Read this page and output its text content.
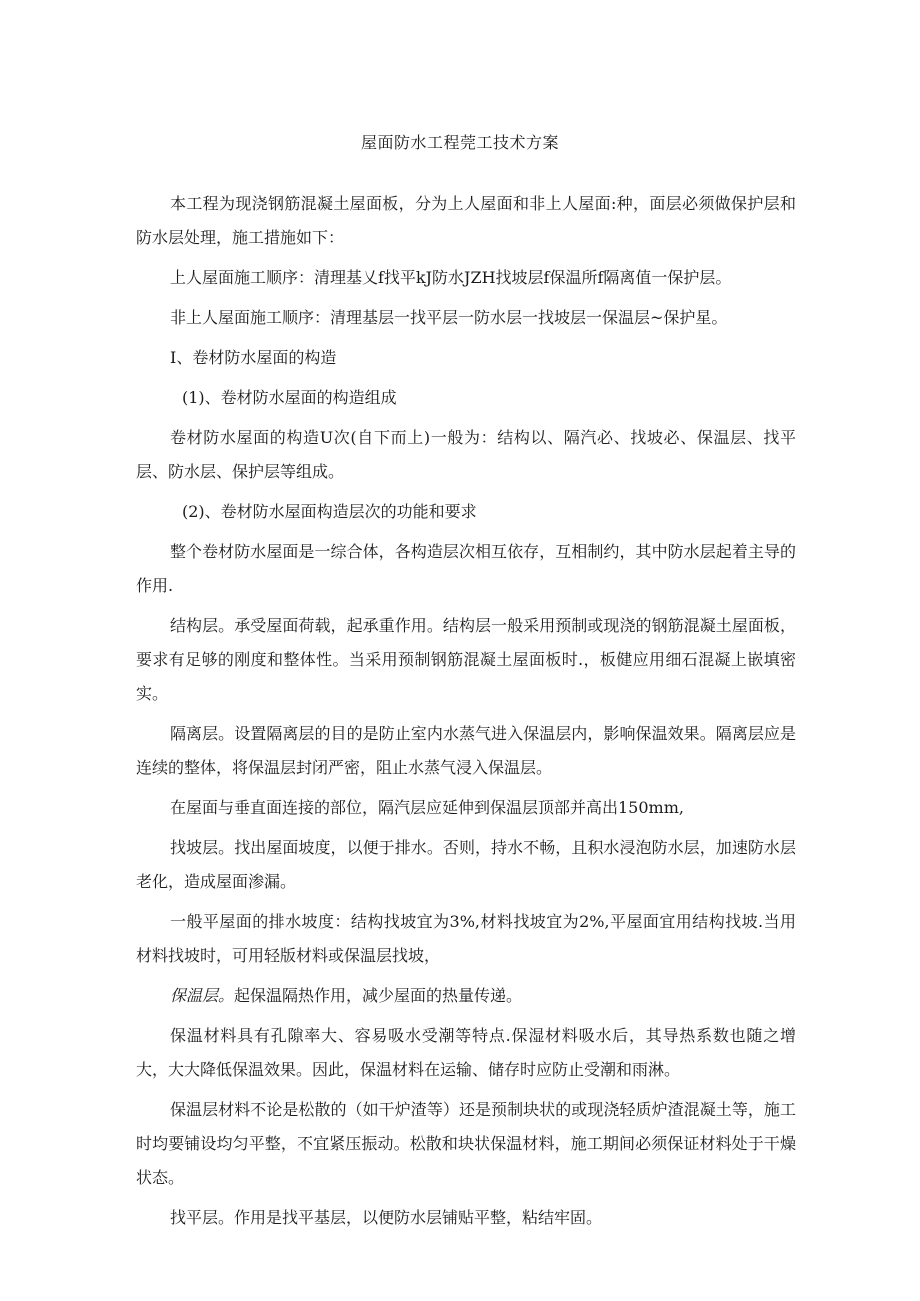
屋面防水工程莞工技术方案

本工程为现浇钢筋混凝土屋面板，分为上人屋面和非上人屋面:种，面层必须做保护层和防水层处理，施工措施如下：

上人屋面施工顺序：清理基乂f找平kJ防水JZH找坡层f保温所f隔离值一保护层。

非上人屋面施工顺序：清理基层一找平层一防水层一找坡层一保温层~保护星。

I、卷材防水屋面的构造

(1)、卷材防水屋面的构造组成

卷材防水屋面的构造U次(自下而上)一般为：结构以、隔汽必、找坡必、保温层、找平层、防水层、保护层等组成。

(2)、卷材防水屋面构造层次的功能和要求

整个卷材防水屋面是一综合体，各构造层次相互依存，互相制约，其中防水层起着主导的作用.

结构层。承受屋面荷载，起承重作用。结构层一般采用预制或现浇的钢筋混凝土屋面板，要求有足够的刚度和整体性。当采用预制钢筋混凝土屋面板时.，板健应用细石混凝上嵌填密实。

隔离层。设置隔离层的目的是防止室内水蒸气进入保温层内，影响保温效果。隔离层应是连续的整体，将保温层封闭严密，阻止水蒸气浸入保温层。

在屋面与垂直面连接的部位，隔汽层应延伸到保温层顶部并高出150mm,

找坡层。找出屋面坡度，以便于排水。否则，持水不畅，且积水浸泡防水层，加速防水层老化，造成屋面渗漏。

一般平屋面的排水坡度：结构找坡宜为3%,材料找坡宜为2%,平屋面宜用结构找坡.当用材料找坡时，可用轻版材料或保温层找坡，

保温层。起保温隔热作用，减少屋面的热量传递。

保温材料具有孔隙率大、容易吸水受潮等特点.保湿材料吸水后，其导热系数也随之增大，大大降低保温效果。因此，保温材料在运输、储存时应防止受潮和雨淋。

保温层材料不论是松散的（如干炉渣等）还是预制块状的或现浇轻质炉渣混凝土等，施工时均要铺设均匀平整，不宜紧压振动。松散和块状保温材料，施工期间必须保证材料处于干燥状态。

找平层。作用是找平基层，以便防水层铺贴平整，粘结牢固。
